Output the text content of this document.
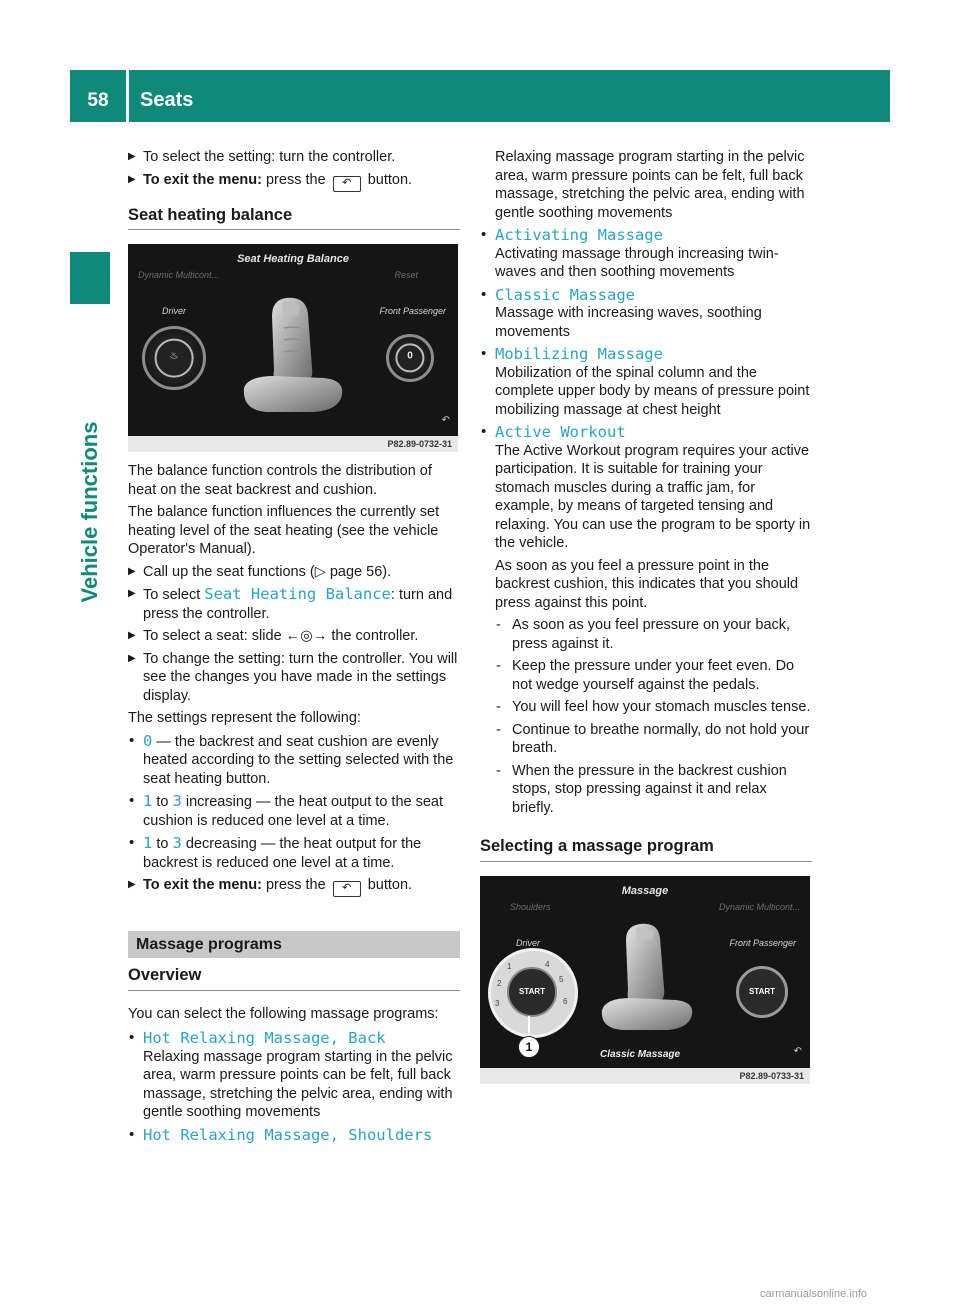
58	Seats
Vehicle functions
▶ To select the setting: turn the controller.
▶ To exit the menu: press the ↶ button.
Seat heating balance
Seat Heating Balance
Dynamic Multicont...	Reset
Driver	Front Passenger
♨	0
↶
P82.89-0732-31

The balance function controls the distribution of heat on the seat backrest and cushion.

The balance function influences the currently set heating level of the seat heating (see the vehicle Operator's Manual).

▶ Call up the seat functions (▷ page 56).
▶ To select Seat Heating Balance: turn and press the controller.
▶ To select a seat: slide ←◎→ the controller.
▶ To change the setting: turn the controller. You will see the changes you have made in the settings display.

The settings represent the following:

• 0 — the backrest and seat cushion are evenly heated according to the setting selected with the seat heating button.
• 1 to 3 increasing — the heat output to the seat cushion is reduced one level at a time.
• 1 to 3 decreasing — the heat output for the backrest is reduced one level at a time.
▶ To exit the menu: press the ↶ button.
Massage programs
Overview

You can select the following massage programs:

• Hot Relaxing Massage, Back
Relaxing massage program starting in the pelvic area, warm pressure points can be felt, full back massage, stretching the pelvic area, ending with gentle soothing movements
• Hot Relaxing Massage, Shoulders
Relaxing massage program starting in the pelvic area, warm pressure points can be felt, full back massage, stretching the pelvic area, ending with gentle soothing movements
• Activating Massage
Activating massage through increasing twin-waves and then soothing movements
• Classic Massage
Massage with increasing waves, soothing movements
• Mobilizing Massage
Mobilization of the spinal column and the complete upper body by means of pressure point mobilizing massage at chest height
• Active Workout
The Active Workout program requires your active participation. It is suitable for training your stomach muscles during a traffic jam, for example, by means of targeted tensing and relaxing. You can use the program to be sporty in the vehicle.
As soon as you feel a pressure point in the backrest cushion, this indicates that you should press against this point.
- As soon as you feel pressure on your back, press against it.
- Keep the pressure under your feet even. Do not wedge yourself against the pedals.
- You will feel how your stomach muscles tense.
- Continue to breathe normally, do not hold your breath.
- When the pressure in the backrest cushion stops, stop pressing against it and relax briefly.
Selecting a massage program
Massage
Shoulders	Dynamic Multicont...
Driver	Front Passenger
1
2
3
4
5
6
START	START
Classic Massage
1	↶
P82.89-0733-31
carmanualsonline.info
